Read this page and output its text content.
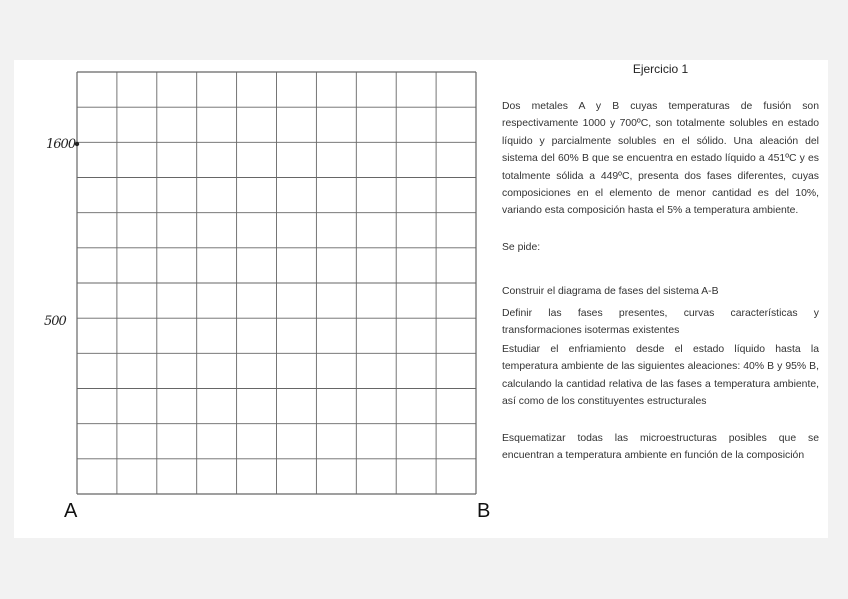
1600
500
A	B
Ejercicio 1

Dos metales A y B cuyas temperaturas de fusión son respectivamente 1000 y 700ºC, son totalmente solubles en estado líquido y parcialmente solubles en el sólido. Una aleación del sistema del 60% B que se encuentra en estado líquido a 451ºC y es totalmente sólida a 449ºC, presenta dos fases diferentes, cuyas composiciones en el elemento de menor cantidad es del 10%, variando esta composición hasta el 5% a temperatura ambiente.

Se pide:

Construir el diagrama de fases del sistema A-B

Definir las fases presentes, curvas características y transformaciones isotermas existentes

Estudiar el enfriamiento desde el estado líquido hasta la temperatura ambiente de las siguientes aleaciones: 40% B y 95% B, calculando la cantidad relativa de las fases a temperatura ambiente, así como de los constituyentes estructurales

Esquematizar todas las microestructuras posibles que se encuentran a temperatura ambiente en función de la composición
